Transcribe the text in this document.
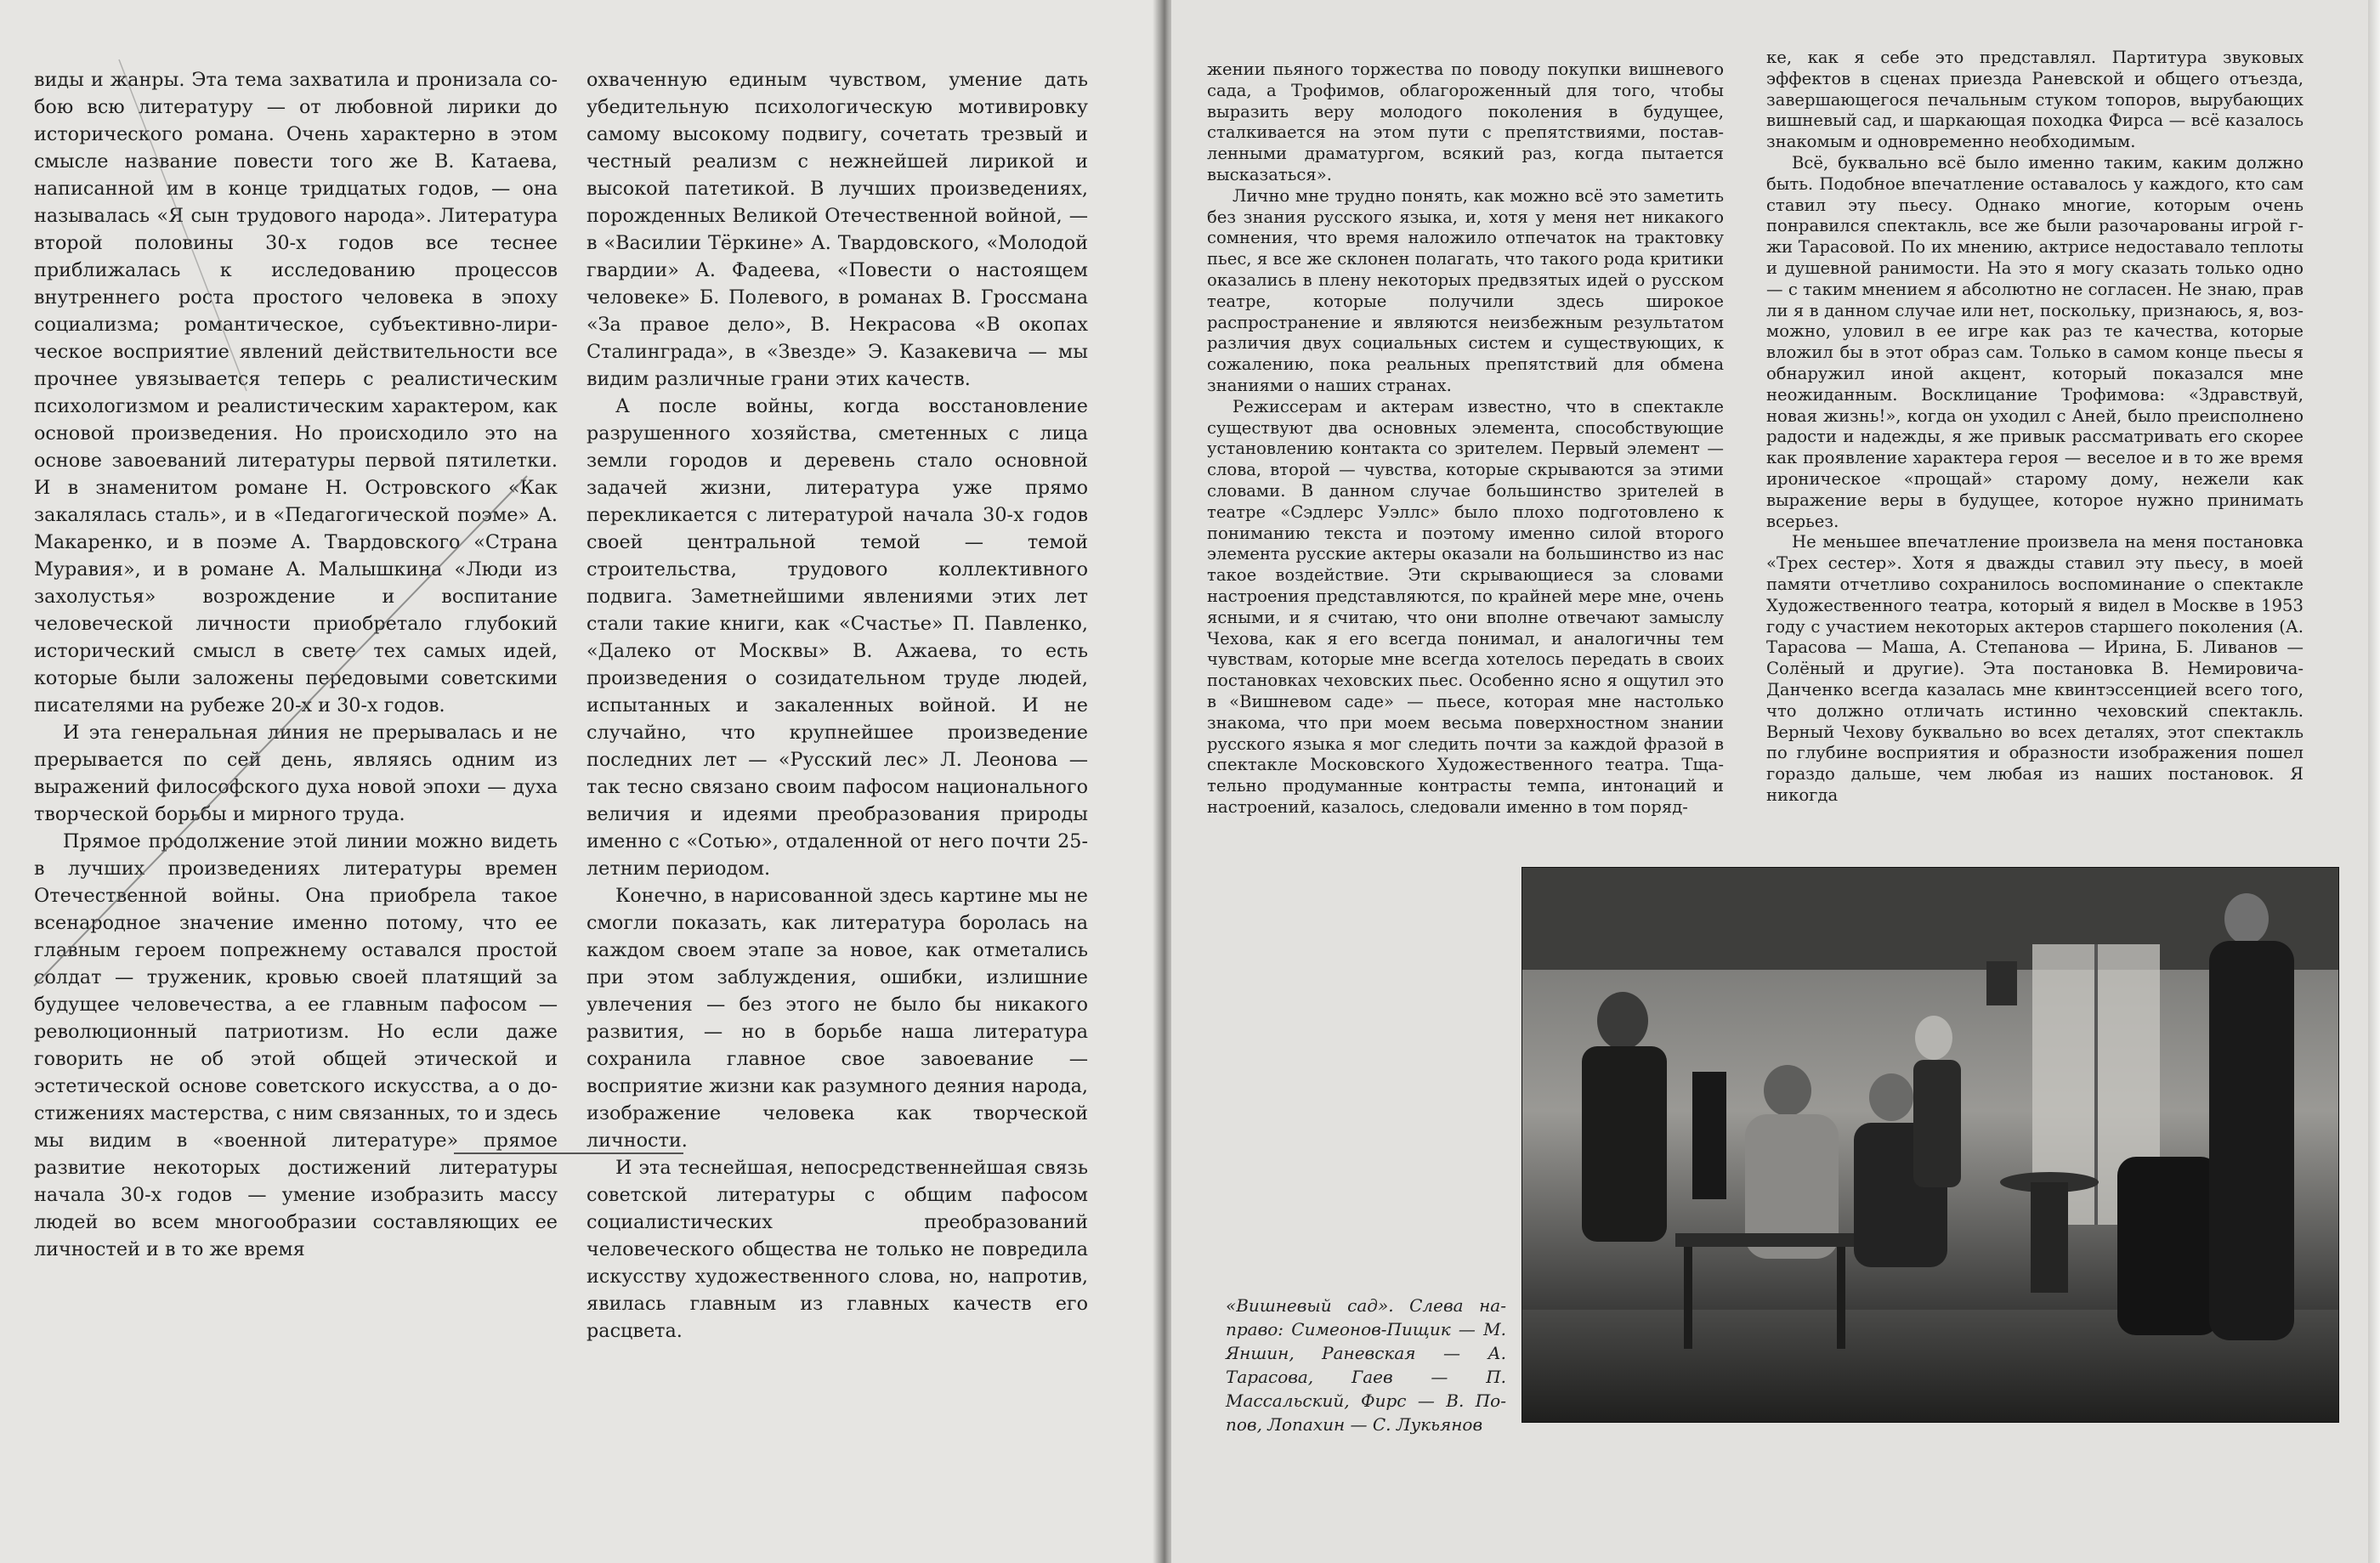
виды и жанры. Эта тема захватила и пронизала собою всю литературу — от любовной лирики до исторического романа. Очень характерно в этом смысле название повести того же В. Катаева, написанной им в конце тридцатых годов, — она называлась «Я сын трудового народа». Литература второй половины 30-х годов все теснее приближалась к исследованию процессов внутреннего роста простого человека в эпоху социализма; романтическое, субъективно-лирическое восприятие явлений действительности все прочнее увязывается теперь с реалистическим психологизмом и реалистическим характером, как основой произведения. Но происходило это на основе завоеваний литературы первой пятилетки. И в знаменитом романе Н. Островского «Как закалялась сталь», и в «Педагогической поэме» А. Макаренко, и в поэме А. Твардовского «Страна Муравия», и в романе А. Малышкина «Люди из захолустья» возрождение и воспитание человеческой личности приобретало глубокий исторический смысл в свете тех самых идей, которые были заложены передовыми советскими писателями на рубеже 20-х и 30-х годов.

И эта генеральная линия не прерывалась и не прерывается по сей день, являясь одним из выражений философского духа новой эпохи — духа творческой борьбы и мирного труда.

Прямое продолжение этой линии можно видеть в лучших произведениях литературы времен Отечественной войны. Она приобрела такое всенародное значение именно потому, что ее главным героем попрежнему оставался простой солдат — труженик, кровью своей платящий за будущее человечества, а ее главным пафосом — революционный патриотизм. Но если даже говорить не об этой общей этической и эстетической основе советского искусства, а о достижениях мастерства, с ним связанных, то и здесь мы видим в «военной литературе» прямое развитие некоторых достижений литературы начала 30-х годов — умение изобразить массу людей во всем многообразии составляющих ее личностей и в то же время

охваченную единым чувством, умение дать убедительную психологическую мотивировку самому высокому подвигу, сочетать трезвый и честный реализм с нежнейшей лирикой и высокой патетикой. В лучших произведениях, порожденных Великой Отечественной войной, — в «Василии Тёркине» А. Твардовского, «Молодой гвардии» А. Фадеева, «Повести о настоящем человеке» Б. Полевого, в романах В. Гроссмана «За правое дело», В. Некрасова «В окопах Сталинграда», в «Звезде» Э. Казакевича — мы видим различные грани этих качеств.

А после войны, когда восстановление разрушенного хозяйства, сметенных с лица земли городов и деревень стало основной задачей жизни, литература уже прямо перекликается с литературой начала 30-х годов своей центральной темой — темой строительства, трудового коллективного подвига. Заметнейшими явлениями этих лет стали такие книги, как «Счастье» П. Павленко, «Далеко от Москвы» В. Ажаева, то есть произведения о созидательном труде людей, испытанных и закаленных войной. И не случайно, что крупнейшее произведение последних лет — «Русский лес» Л. Леонова — так тесно связано своим пафосом национального величия и идеями преобразования природы именно с «Сотью», отдаленной от него почти 25-летним периодом.

Конечно, в нарисованной здесь картине мы не смогли показать, как литература боролась на каждом своем этапе за новое, как отметались при этом заблуждения, ошибки, излишние увлечения — без этого не было бы никакого развития, — но в борьбе наша литература сохранила главное свое завоевание — восприятие жизни как разумного деяния народа, изображение человека как творческой личности.

И эта теснейшая, непосредственнейшая связь советской литературы с общим пафосом социалистических преобразований человеческого общества не только не повредила искусству художественного слова, но, напротив, явилась главным из главных качеств его расцвета.

жении пьяного торжества по поводу покупки вишневого сада, а Трофимов, облагороженный для того, чтобы выразить веру молодого поколения в будущее, сталкивается на этом пути с препятствиями, поставленными драматургом, всякий раз, когда пытается высказаться».

Лично мне трудно понять, как можно всё это заметить без знания русского языка, и, хотя у меня нет никакого сомнения, что время наложило отпечаток на трактовку пьес, я все же склонен полагать, что такого рода критики оказались в плену некоторых предвзятых идей о русском театре, которые получили здесь широкое распространение и являются неизбежным результатом различия двух социальных систем и существующих, к сожалению, пока реальных препятствий для обмена знаниями о наших странах.

Режиссерам и актерам известно, что в спектакле существуют два основных элемента, способствующие установлению контакта со зрителем. Первый элемент — слова, второй — чувства, которые скрываются за этими словами. В данном случае большинство зрителей в театре «Сэдлерс Уэллс» было плохо подготовлено к пониманию текста и поэтому именно силой второго элемента русские актеры оказали на большинство из нас такое воздействие. Эти скрывающиеся за словами настроения представляются, по крайней мере мне, очень ясными, и я считаю, что они вполне отвечают замыслу Чехова, как я его всегда понимал, и аналогичны тем чувствам, которые мне всегда хотелось передать в своих постановках чеховских пьес. Особенно ясно я ощутил это в «Вишневом саде» — пьесе, которая мне настолько знакома, что при моем весьма поверхностном знании русского языка я мог следить почти за каждой фразой в спектакле Московского Художественного театра. Тщательно продуманные контрасты темпа, интонаций и настроений, казалось, следовали именно в том поряд-

ке, как я себе это представлял. Партитура звуковых эффектов в сценах приезда Раневской и общего отъезда, завершающегося печальным стуком топоров, вырубающих вишневый сад, и шаркающая походка Фирса — всё казалось знакомым и одновременно необходимым.

Всё, буквально всё было именно таким, каким должно быть. Подобное впечатление оставалось у каждого, кто сам ставил эту пьесу. Однако многие, которым очень понравился спектакль, все же были разочарованы игрой г-жи Тарасовой. По их мнению, актрисе недоставало теплоты и душевной ранимости. На это я могу сказать только одно — с таким мнением я абсолютно не согласен. Не знаю, прав ли я в данном случае или нет, поскольку, признаюсь, я, возможно, уловил в ее игре как раз те качества, которые вложил бы в этот образ сам. Только в самом конце пьесы я обнаружил иной акцент, который показался мне неожиданным. Восклицание Трофимова: «Здравствуй, новая жизнь!», когда он уходил с Аней, было преисполнено радости и надежды, я же привык рассматривать его скорее как проявление характера героя — веселое и в то же время ироническое «прощай» старому дому, нежели как выражение веры в будущее, которое нужно принимать всерьез.

Не меньшее впечатление произвела на меня постановка «Трех сестер». Хотя я дважды ставил эту пьесу, в моей памяти отчетливо сохранилось воспоминание о спектакле Художественного театра, который я видел в Москве в 1953 году с участием некоторых актеров старшего поколения (А. Тарасова — Маша, А. Степанова — Ирина, Б. Ливанов — Солёный и другие). Эта постановка В. Немировича-Данченко всегда казалась мне квинтэссенцией всего того, что должно отличать истинно чеховский спектакль. Верный Чехову буквально во всех деталях, этот спектакль по глубине восприятия и образности изображения пошел гораздо дальше, чем любая из наших постановок. Я никогда

«Вишневый сад». Слева направо: Симеонов-Пищик — М. Яншин, Раневская — А. Тарасова, Гаев — П. Массальский, Фирс — В. Попов, Лопахин — С. Лукьянов
